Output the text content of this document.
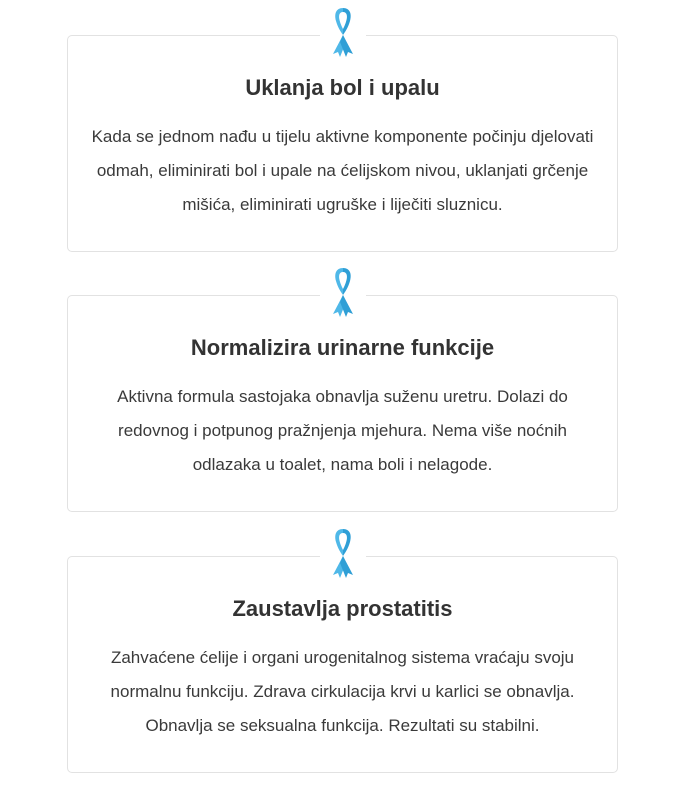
Uklanja bol i upalu

Kada se jednom nađu u tijelu aktivne komponente počinju djelovati odmah, eliminirati bol i upale na ćelijskom nivou, uklanjati grčenje mišića, eliminirati ugruške i liječiti sluznicu.

Normalizira urinarne funkcije

Aktivna formula sastojaka obnavlja suženu uretru. Dolazi do redovnog i potpunog pražnjenja mjehura. Nema više noćnih odlazaka u toalet, nama boli i nelagode.

Zaustavlja prostatitis

Zahvaćene ćelije i organi urogenitalnog sistema vraćaju svoju normalnu funkciju. Zdrava cirkulacija krvi u karlici se obnavlja. Obnavlja se seksualna funkcija. Rezultati su stabilni.
